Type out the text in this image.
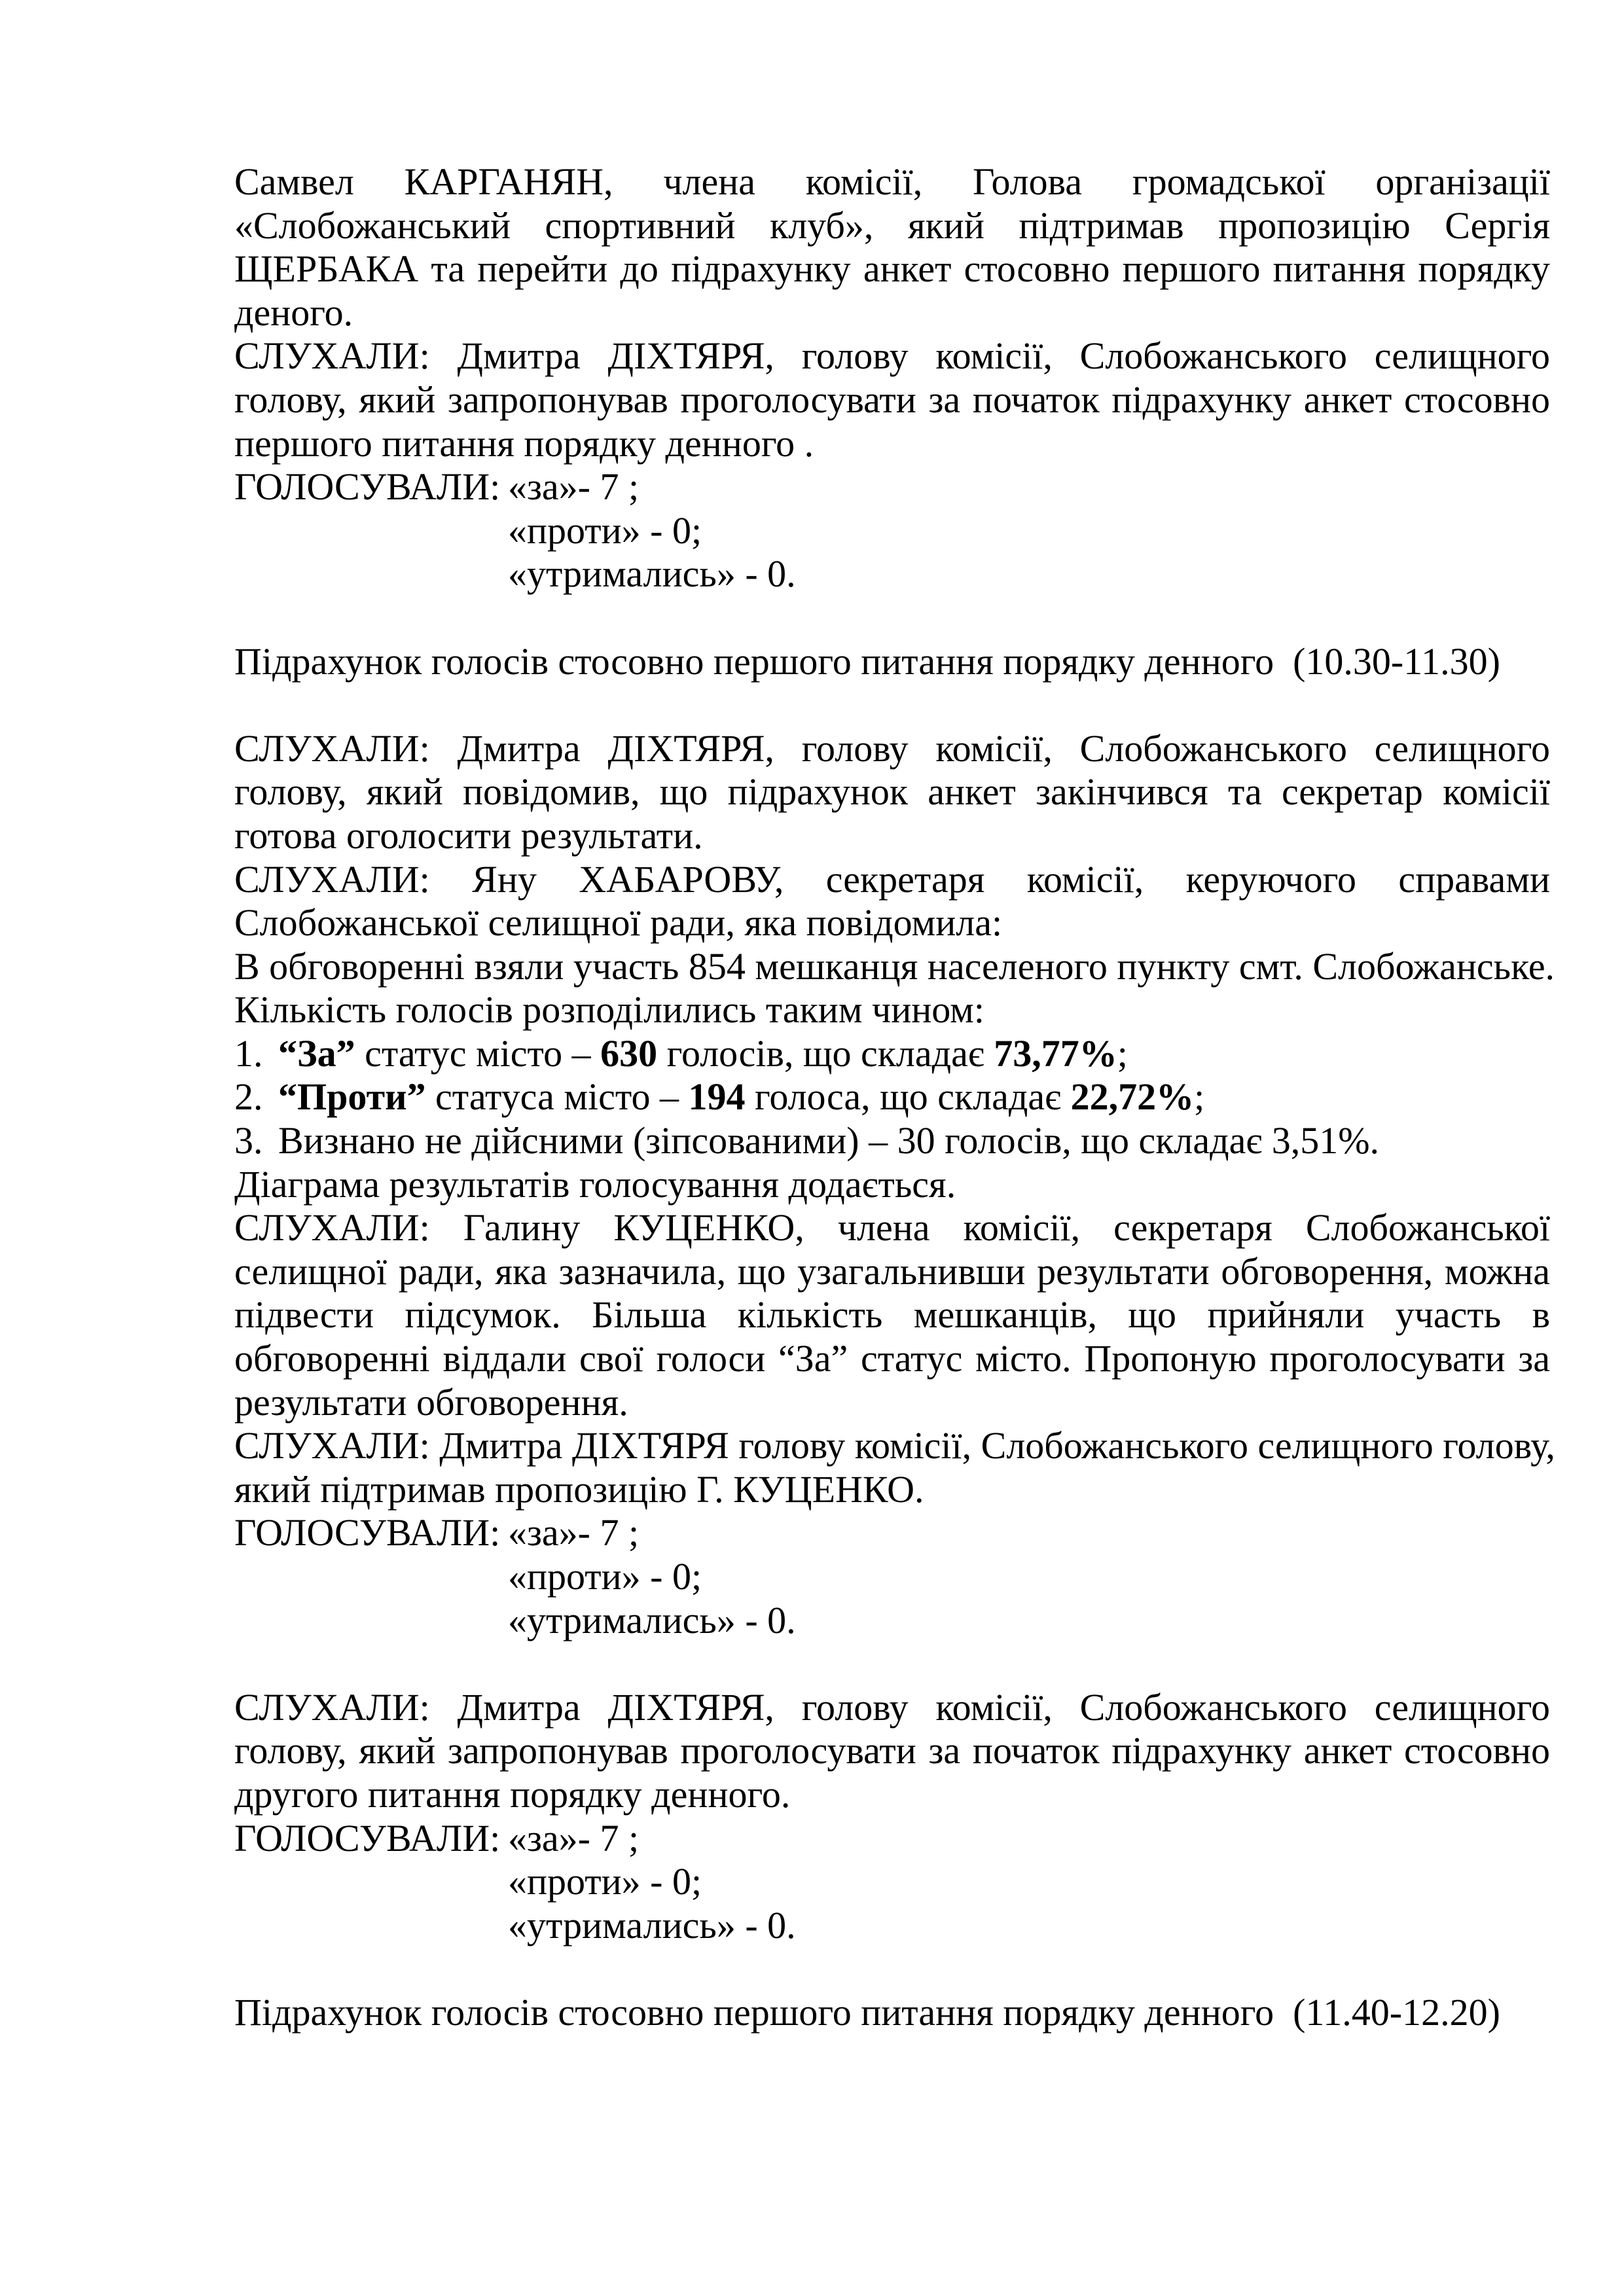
Самвел КАРГАНЯН, члена комісії, Голова громадської організації
«Слобожанський спортивний клуб», який підтримав пропозицію Сергія
ЩЕРБАКА та перейти до підрахунку анкет стосовно першого питання порядку
деного.
СЛУХАЛИ: Дмитра ДІХТЯРЯ, голову комісії, Слобожанського селищного
голову, який запропонував проголосувати за початок підрахунку анкет стосовно
першого питання порядку денного .
ГОЛОСУВАЛИ: «за»- 7 ;
«проти» - 0;
«утримались» - 0.
Підрахунок голосів стосовно першого питання порядку денного  (10.30-11.30)
СЛУХАЛИ: Дмитра ДІХТЯРЯ, голову комісії, Слобожанського селищного
голову, який повідомив, що підрахунок анкет закінчився та секретар комісії
готова оголосити результати.
СЛУХАЛИ: Яну ХАБАРОВУ, секретаря комісії, керуючого справами
Слобожанської селищної ради, яка повідомила:
В обговоренні взяли участь 854 мешканця населеного пункту смт. Слобожанське.
Кількість голосів розподілились таким чином:
1. “За” статус місто – 630 голосів, що складає 73,77%;
2. “Проти” статуса місто – 194 голоса, що складає 22,72%;
3. Визнано не дійсними (зіпсованими) – 30 голосів, що складає 3,51%.
Діаграма результатів голосування додається.
СЛУХАЛИ: Галину КУЦЕНКО, члена комісії, секретаря Слобожанської
селищної ради, яка зазначила, що узагальнивши результати обговорення, можна
підвести підсумок. Більша кількість мешканців, що прийняли участь в
обговоренні віддали свої голоси “За” статус місто. Пропоную проголосувати за
результати обговорення.
СЛУХАЛИ: Дмитра ДІХТЯРЯ голову комісії, Слобожанського селищного голову,
який підтримав пропозицію Г. КУЦЕНКО.
ГОЛОСУВАЛИ: «за»- 7 ;
«проти» - 0;
«утримались» - 0.
СЛУХАЛИ: Дмитра ДІХТЯРЯ, голову комісії, Слобожанського селищного
голову, який запропонував проголосувати за початок підрахунку анкет стосовно
другого питання порядку денного.
ГОЛОСУВАЛИ: «за»- 7 ;
«проти» - 0;
«утримались» - 0.
Підрахунок голосів стосовно першого питання порядку денного  (11.40-12.20)
